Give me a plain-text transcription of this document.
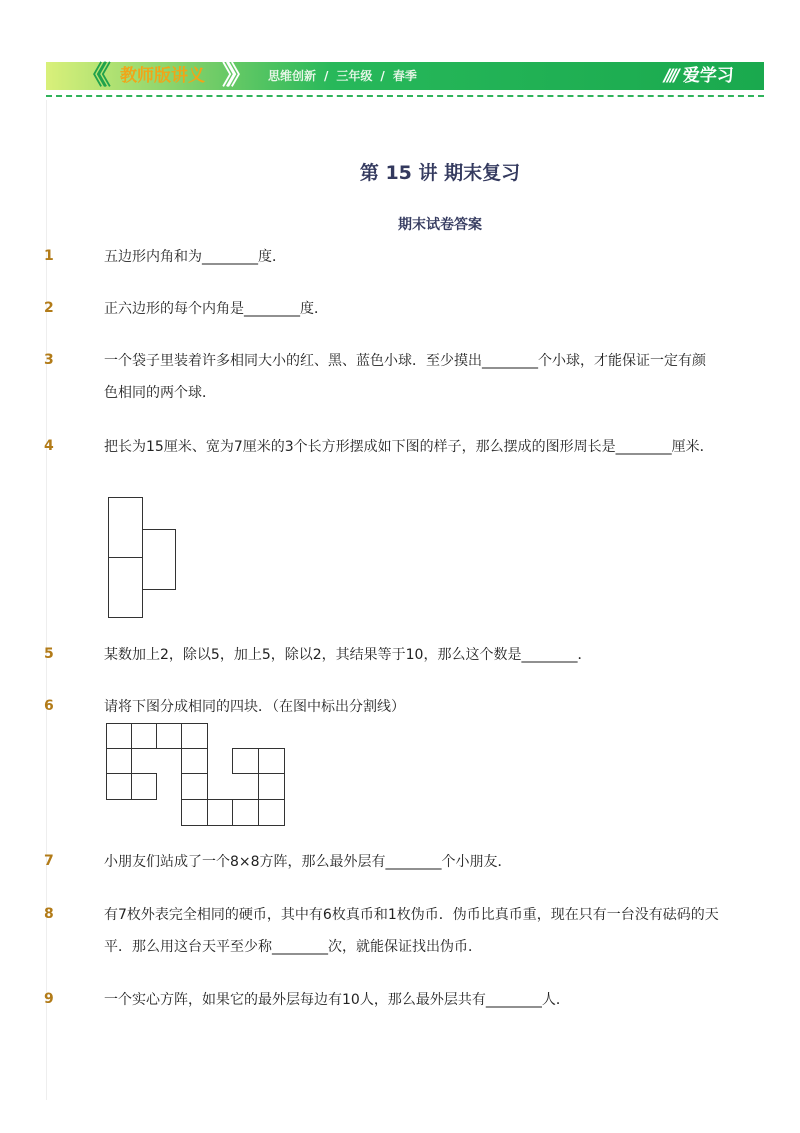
《《 教师版讲义 》》 思维创新 / 三年级 / 春季	//// 爱学习
第 15 讲 期末复习
期末试卷答案
1	五边形内角和为________度．
2	正六边形的每个内角是________度．
3	一个袋子里装着许多相同大小的红、黑、蓝色小球．至少摸出________个小球，才能保证一定有颜色相同的两个球．
4	把长为15厘米、宽为7厘米的3个长方形摆成如下图的样子，那么摆成的图形周长是________厘米．
5	某数加上2，除以5，加上5，除以2，其结果等于10，那么这个数是________．
6	请将下图分成相同的四块．（在图中标出分割线）
7	小朋友们站成了一个8×8方阵，那么最外层有________个小朋友．
8	有7枚外表完全相同的硬币，其中有6枚真币和1枚伪币．伪币比真币重，现在只有一台没有砝码的天平．那么用这台天平至少称________次，就能保证找出伪币．
9	一个实心方阵，如果它的最外层每边有10人，那么最外层共有________人．
